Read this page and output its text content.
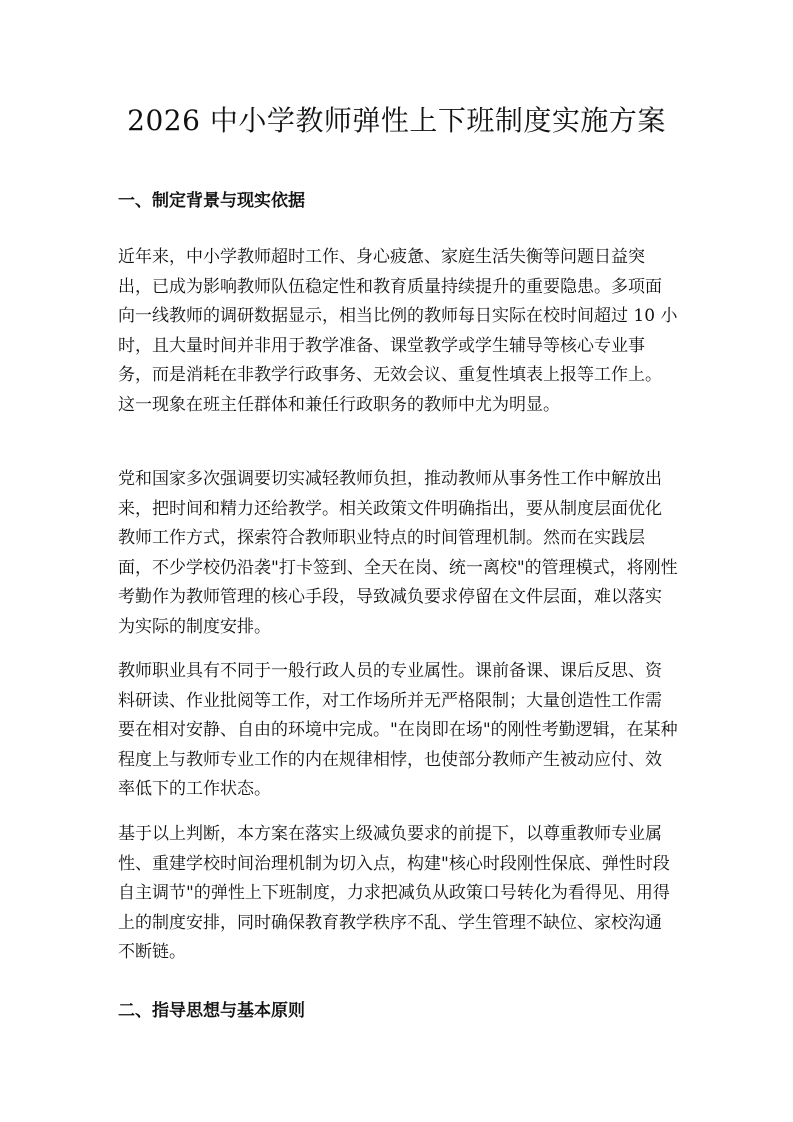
2026 中小学教师弹性上下班制度实施方案
一、制定背景与现实依据

近年来，中小学教师超时工作、身心疲惫、家庭生活失衡等问题日益突出，已成为影响教师队伍稳定性和教育质量持续提升的重要隐患。多项面向一线教师的调研数据显示，相当比例的教师每日实际在校时间超过 10 小时，且大量时间并非用于教学准备、课堂教学或学生辅导等核心专业事务，而是消耗在非教学行政事务、无效会议、重复性填表上报等工作上。这一现象在班主任群体和兼任行政职务的教师中尤为明显。

党和国家多次强调要切实减轻教师负担，推动教师从事务性工作中解放出来，把时间和精力还给教学。相关政策文件明确指出，要从制度层面优化教师工作方式，探索符合教师职业特点的时间管理机制。然而在实践层面，不少学校仍沿袭"打卡签到、全天在岗、统一离校"的管理模式，将刚性考勤作为教师管理的核心手段，导致减负要求停留在文件层面，难以落实为实际的制度安排。

教师职业具有不同于一般行政人员的专业属性。课前备课、课后反思、资料研读、作业批阅等工作，对工作场所并无严格限制；大量创造性工作需要在相对安静、自由的环境中完成。"在岗即在场"的刚性考勤逻辑，在某种程度上与教师专业工作的内在规律相悖，也使部分教师产生被动应付、效率低下的工作状态。

基于以上判断，本方案在落实上级减负要求的前提下，以尊重教师专业属性、重建学校时间治理机制为切入点，构建"核心时段刚性保底、弹性时段自主调节"的弹性上下班制度，力求把减负从政策口号转化为看得见、用得上的制度安排，同时确保教育教学秩序不乱、学生管理不缺位、家校沟通不断链。

二、指导思想与基本原则
